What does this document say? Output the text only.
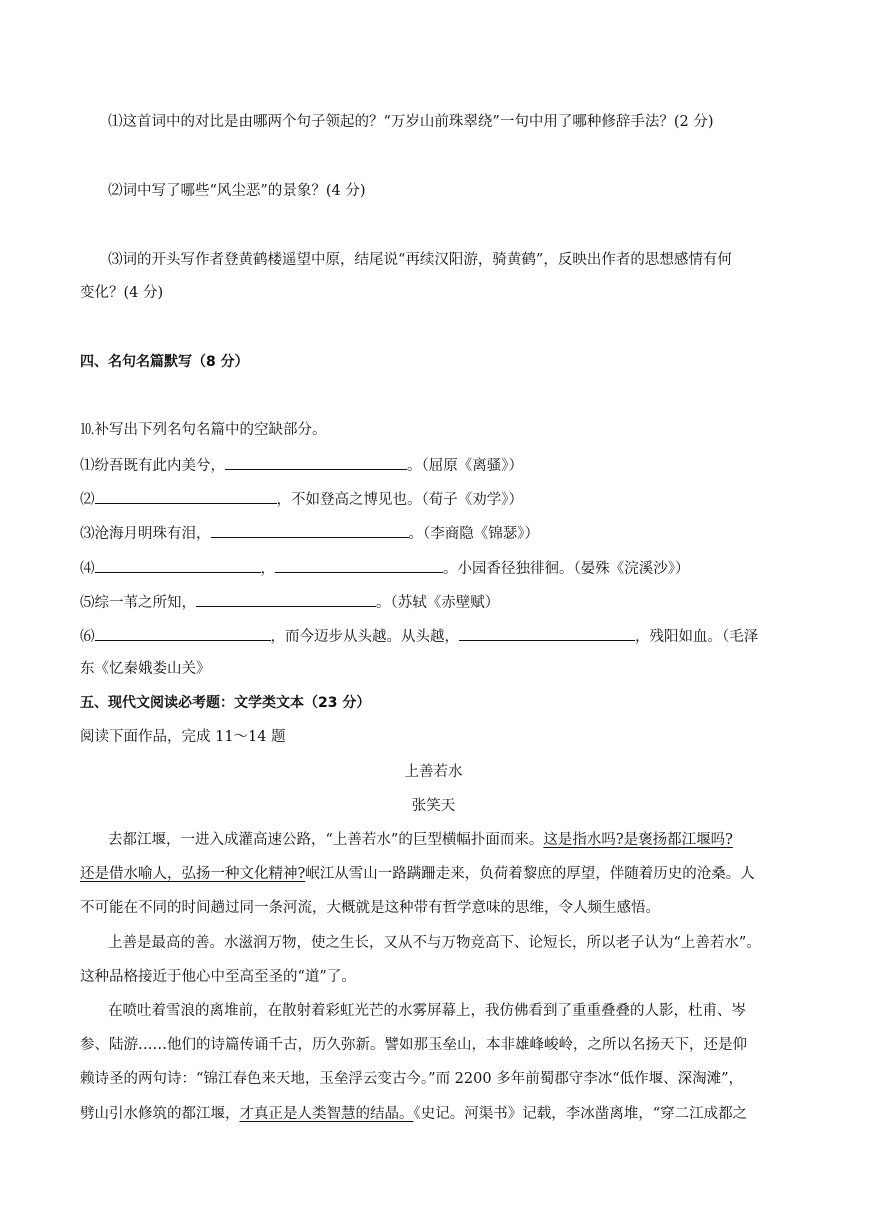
⑴这首词中的对比是由哪两个句子领起的？“万岁山前珠翠绕”一句中用了哪种修辞手法？(2 分)
⑵词中写了哪些“风尘恶”的景象？(4 分)
⑶词的开头写作者登黄鹤楼遥望中原，结尾说“再续汉阳游，骑黄鹤”，反映出作者的思想感情有何
变化？(4 分)
四、名句名篇默写（8 分）
⒑补写出下列名句名篇中的空缺部分。
⑴纷吾既有此内美兮，	。（屈原《离骚》）
⑵	，不如登高之博见也。（荀子《劝学》）
⑶沧海月明珠有泪，	。（李商隐《锦瑟》）
⑷	，	。小园香径独徘徊。（晏殊《浣溪沙》）
⑸综一苇之所知，	。（苏轼《赤壁赋）
⑹	，而今迈步从头越。从头越，	，残阳如血。（毛泽
东《忆秦娥娄山关》
五、现代文阅读必考题：文学类文本（23 分）
阅读下面作品，完成 11～14 题
上善若水
张笑天
去都江堰，一进入成灌高速公路，“上善若水”的巨型横幅扑面而来。这是指水吗?是褒扬都江堰吗?
还是借水喻人，弘扬一种文化精神?岷江从雪山一路蹒跚走来，负荷着黎庶的厚望，伴随着历史的沧桑。人
不可能在不同的时间趟过同一条河流，大概就是这种带有哲学意味的思维，令人频生感悟。
上善是最高的善。水滋润万物，使之生长，又从不与万物竞高下、论短长，所以老子认为“上善若水”。
这种品格接近于他心中至高至圣的“道”了。
在喷吐着雪浪的离堆前，在散射着彩虹光芒的水雾屏幕上，我仿佛看到了重重叠叠的人影，杜甫、岑
参、陆游……他们的诗篇传诵千古，历久弥新。譬如那玉垒山，本非雄峰峻岭，之所以名扬天下，还是仰
赖诗圣的两句诗：“锦江春色来天地，玉垒浮云变古今。”而 2200 多年前蜀郡守李冰“低作堰、深淘滩”，
劈山引水修筑的都江堰，才真正是人类智慧的结晶。《史记。河渠书》记载，李冰凿离堆，“穿二江成都之
